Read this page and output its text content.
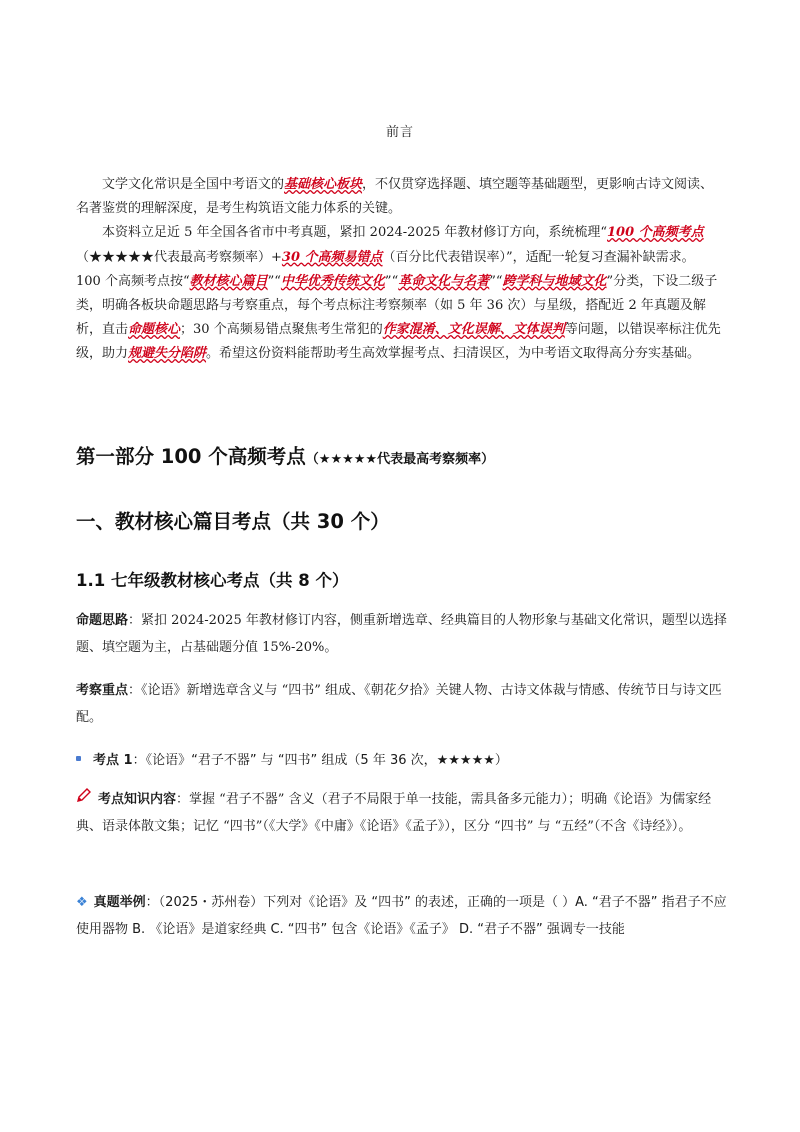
前言

文学文化常识是全国中考语文的基础核心板块，不仅贯穿选择题、填空题等基础题型，更影响古诗文阅读、名著鉴赏的理解深度，是考生构筑语文能力体系的关键。

本资料立足近 5 年全国各省市中考真题，紧扣 2024-2025 年教材修订方向，系统梳理“100 个高频考点（★★★★★代表最高考察频率）+30 个高频易错点（百分比代表错误率）”，适配一轮复习查漏补缺需求。

100 个高频考点按“教材核心篇目”“中华优秀传统文化”“革命文化与名著”“跨学科与地域文化”分类，下设二级子类，明确各板块命题思路与考察重点，每个考点标注考察频率（如 5 年 36 次）与星级，搭配近 2 年真题及解析，直击命题核心；30 个高频易错点聚焦考生常犯的作家混淆、文化误解、文体误判等问题，以错误率标注优先级，助力规避失分陷阱。希望这份资料能帮助考生高效掌握考点、扫清误区，为中考语文取得高分夯实基础。

第一部分 100 个高频考点（★★★★★代表最高考察频率）
一、教材核心篇目考点（共 30 个）
1.1 七年级教材核心考点（共 8 个）
命题思路：紧扣 2024-2025 年教材修订内容，侧重新增选章、经典篇目的人物形象与基础文化常识，题型以选择题、填空题为主，占基础题分值 15%-20%。
考察重点：《论语》新增选章含义与 “四书” 组成、《朝花夕拾》关键人物、古诗文体裁与情感、传统节日与诗文匹配。
考点 1：《论语》“君子不器” 与 “四书” 组成（5 年 36 次，★★★★★）
考点知识内容：掌握 “君子不器” 含义（君子不局限于单一技能，需具备多元能力）；明确《论语》为儒家经典、语录体散文集；记忆 “四书”（《大学》《中庸》《论语》《孟子》），区分 “四书” 与 “五经”（不含《诗经》）。
❖ 真题举例：（2025・苏州卷）下列对《论语》及 “四书” 的表述，正确的一项是（ ）A. “君子不器” 指君子不应使用器物 B. 《论语》是道家经典 C. “四书” 包含《论语》《孟子》 D. “君子不器” 强调专一技能
